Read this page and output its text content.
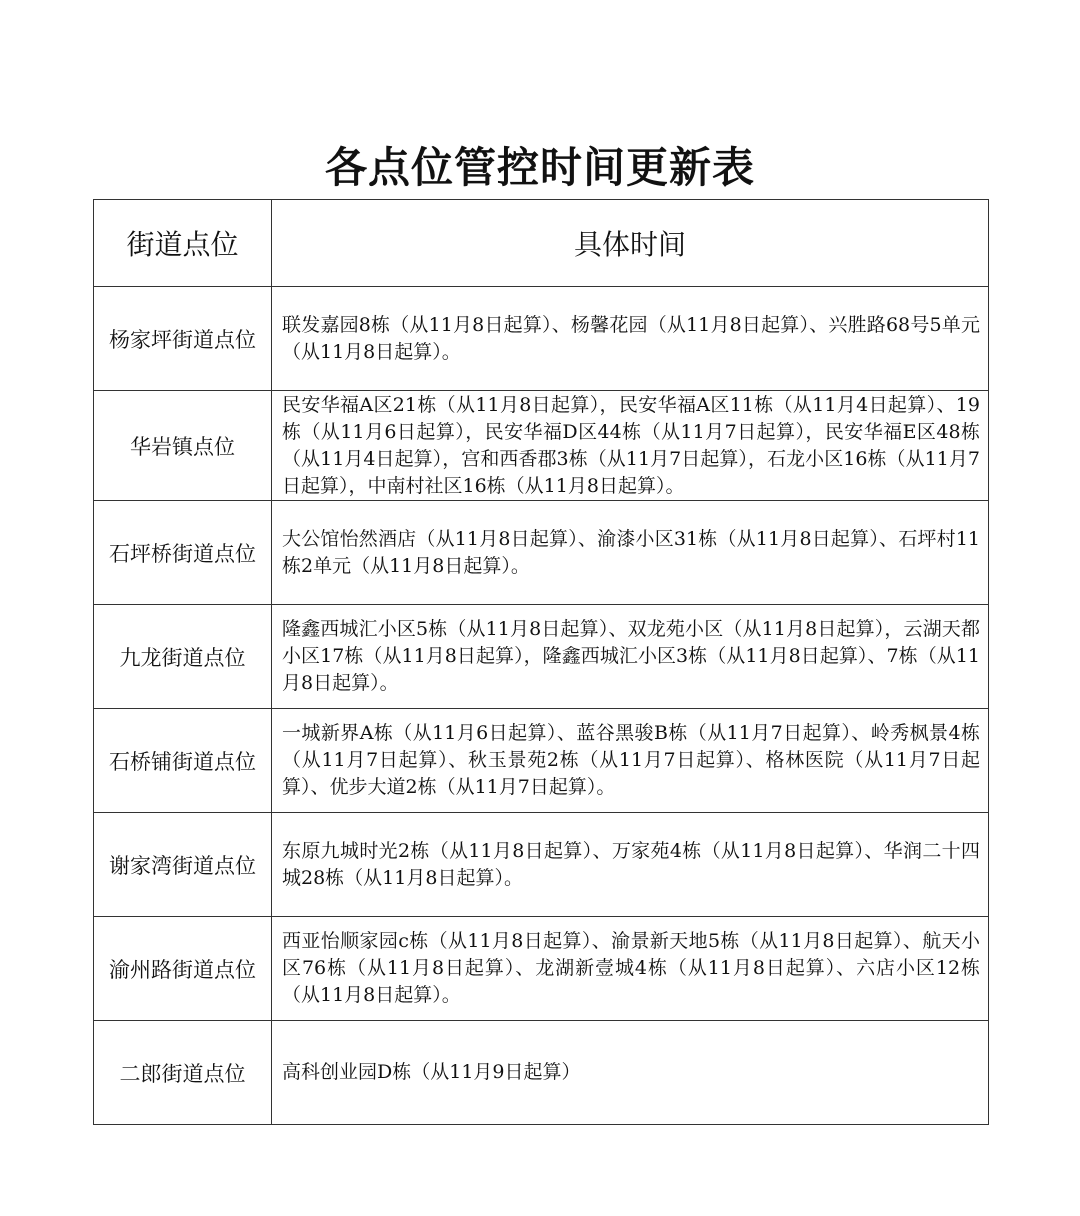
各点位管控时间更新表
街道点位	具体时间
杨家坪街道点位	联发嘉园8栋（从11月8日起算）、杨馨花园（从11月8日起算）、兴胜路68号5单元（从11月8日起算）。
华岩镇点位	民安华福A区21栋（从11月8日起算），民安华福A区11栋（从11月4日起算）、19栋（从11月6日起算），民安华福D区44栋（从11月7日起算），民安华福E区48栋（从11月4日起算），宫和西香郡3栋（从11月7日起算），石龙小区16栋（从11月7日起算），中南村社区16栋（从11月8日起算）。
石坪桥街道点位	大公馆怡然酒店（从11月8日起算）、渝漆小区31栋（从11月8日起算）、石坪村11栋2单元（从11月8日起算）。
九龙街道点位	隆鑫西城汇小区5栋（从11月8日起算）、双龙苑小区（从11月8日起算），云湖天都小区17栋（从11月8日起算），隆鑫西城汇小区3栋（从11月8日起算）、7栋（从11月8日起算）。
石桥铺街道点位	一城新界A栋（从11月6日起算）、蓝谷黑骏B栋（从11月7日起算）、岭秀枫景4栋（从11月7日起算）、秋玉景苑2栋（从11月7日起算）、格林医院（从11月7日起算）、优步大道2栋（从11月7日起算）。
谢家湾街道点位	东原九城时光2栋（从11月8日起算）、万家苑4栋（从11月8日起算）、华润二十四城28栋（从11月8日起算）。
渝州路街道点位	西亚怡顺家园c栋（从11月8日起算）、渝景新天地5栋（从11月8日起算）、航天小区76栋（从11月8日起算）、龙湖新壹城4栋（从11月8日起算）、六店小区12栋（从11月8日起算）。
二郎街道点位	高科创业园D栋（从11月9日起算）
